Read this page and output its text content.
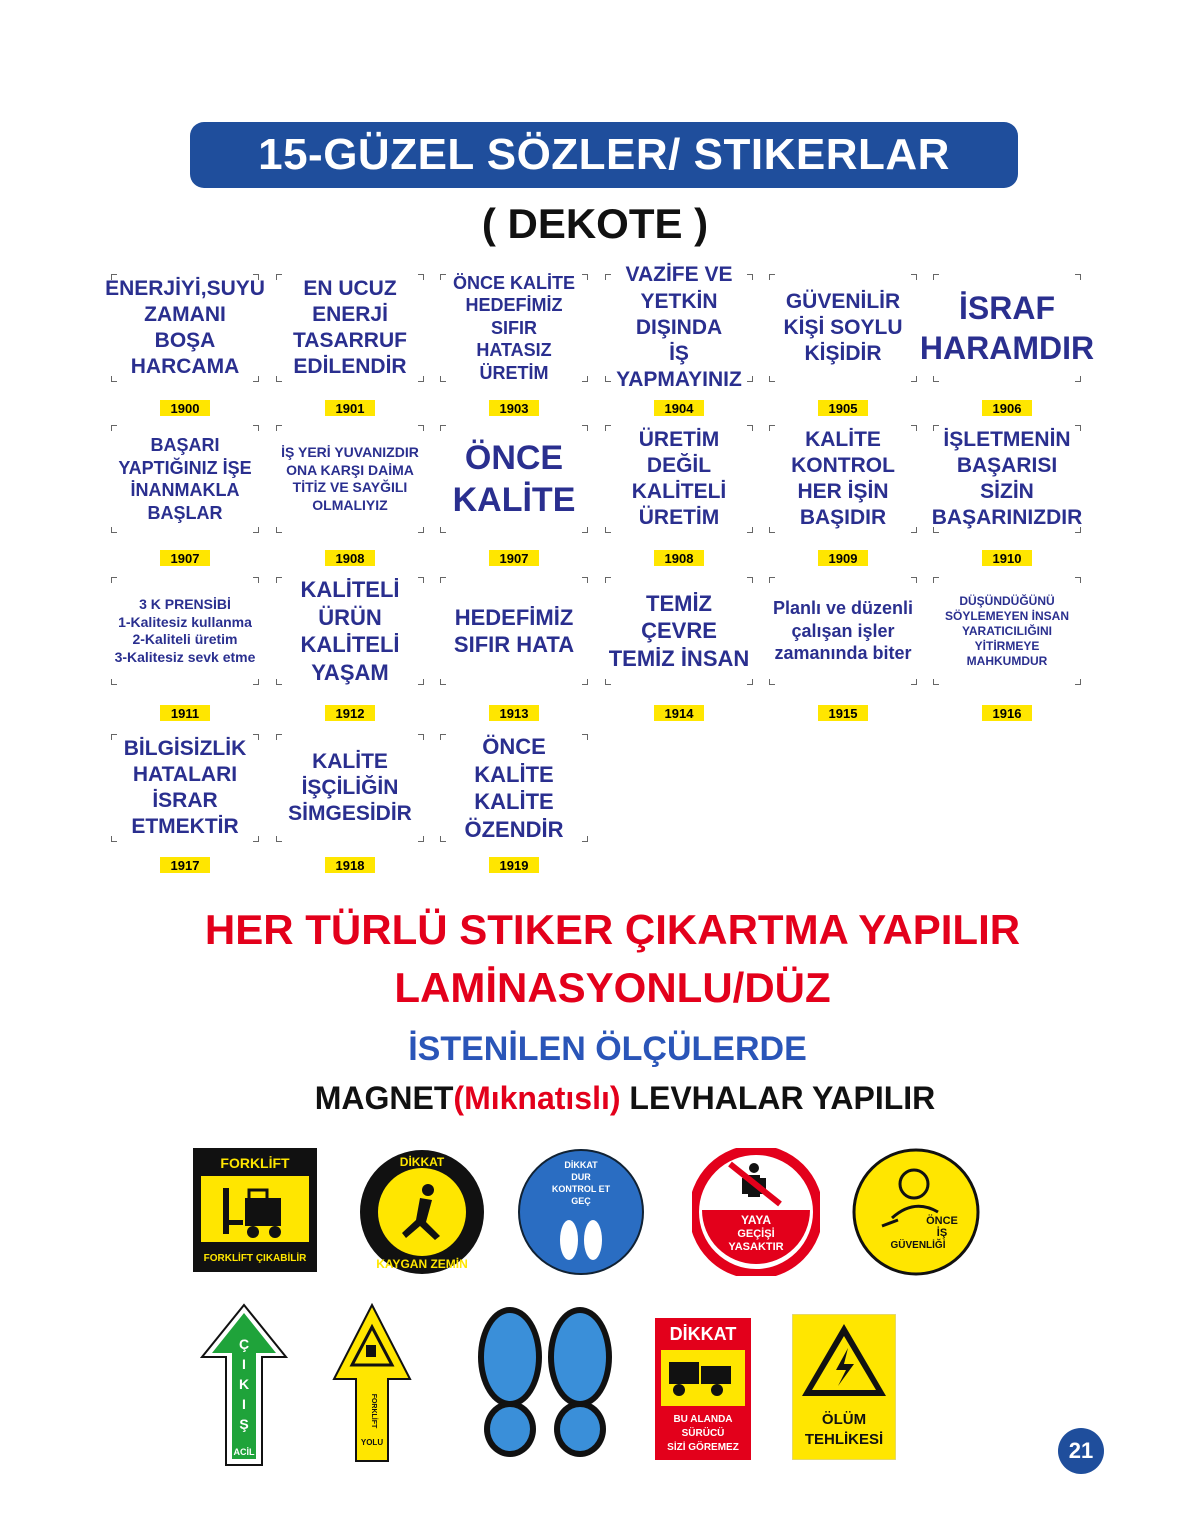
15-GÜZEL SÖZLER/ STIKERLAR
( DEKOTE )
ENERJİYİ,SUYU
ZAMANI
BOŞA HARCAMA
1900
EN UCUZ ENERJİ
TASARRUF
EDİLENDİR
1901
ÖNCE KALİTE
HEDEFİMİZ SIFIR
HATASIZ ÜRETİM
1903
VAZİFE VE
YETKİN DIŞINDA
İŞ YAPMAYINIZ
1904
GÜVENİLİR
KİŞİ SOYLU
KİŞİDİR
1905
İSRAF
HARAMDIR
1906
BAŞARI
YAPTIĞINIZ İŞE
İNANMAKLA BAŞLAR
1907
İŞ YERİ YUVANIZDIR
ONA KARŞI DAİMA
TİTİZ VE SAYĞILI
OLMALIYIZ
1908
ÖNCE
KALİTE
1907
ÜRETİM DEĞİL
KALİTELİ
ÜRETİM
1908
KALİTE KONTROL
HER İŞİN
BAŞIDIR
1909
İŞLETMENİN
BAŞARISI SİZİN
BAŞARINIZDIR
1910
3 K PRENSİBİ
1-Kalitesiz kullanma
2-Kaliteli üretim
3-Kalitesiz sevk etme
1911
KALİTELİ ÜRÜN
KALİTELİ YAŞAM
1912
HEDEFİMİZ
SIFIR HATA
1913
TEMİZ ÇEVRE
TEMİZ İNSAN
1914
Planlı ve düzenli
çalışan işler
zamanında biter
1915
DÜŞÜNDÜĞÜNÜ
SÖYLEMEYEN İNSAN
YARATICILIĞINI
YİTİRMEYE
MAHKUMDUR
1916
BİLGİSİZLİK
HATALARI İSRAR
ETMEKTİR
1917
KALİTE
İŞÇİLİĞİN
SİMGESİDİR
1918
ÖNCE KALİTE
KALİTE ÖZENDİR
1919
HER TÜRLÜ STIKER ÇIKARTMA YAPILIR
LAMİNASYONLU/DÜZ
İSTENİLEN ÖLÇÜLERDE
MAGNET(Mıknatıslı) LEVHALAR YAPILIR
FORKLİFT
FORKLİFT ÇIKABİLİR
DİKKAT
KAYGAN ZEMİN
DİKKAT
DUR
KONTROL ET
GEÇ
YAYA
GEÇİŞİ
YASAKTIR
ÖNCE
İŞ
GÜVENLİĞİ
Ç
I
K
I
Ş
ACİL
FORKLİFT
YOLU
DİKKAT
BU ALANDA
SÜRÜCÜ
SİZİ GÖREMEZ
ÖLÜM
TEHLİKESİ	21
